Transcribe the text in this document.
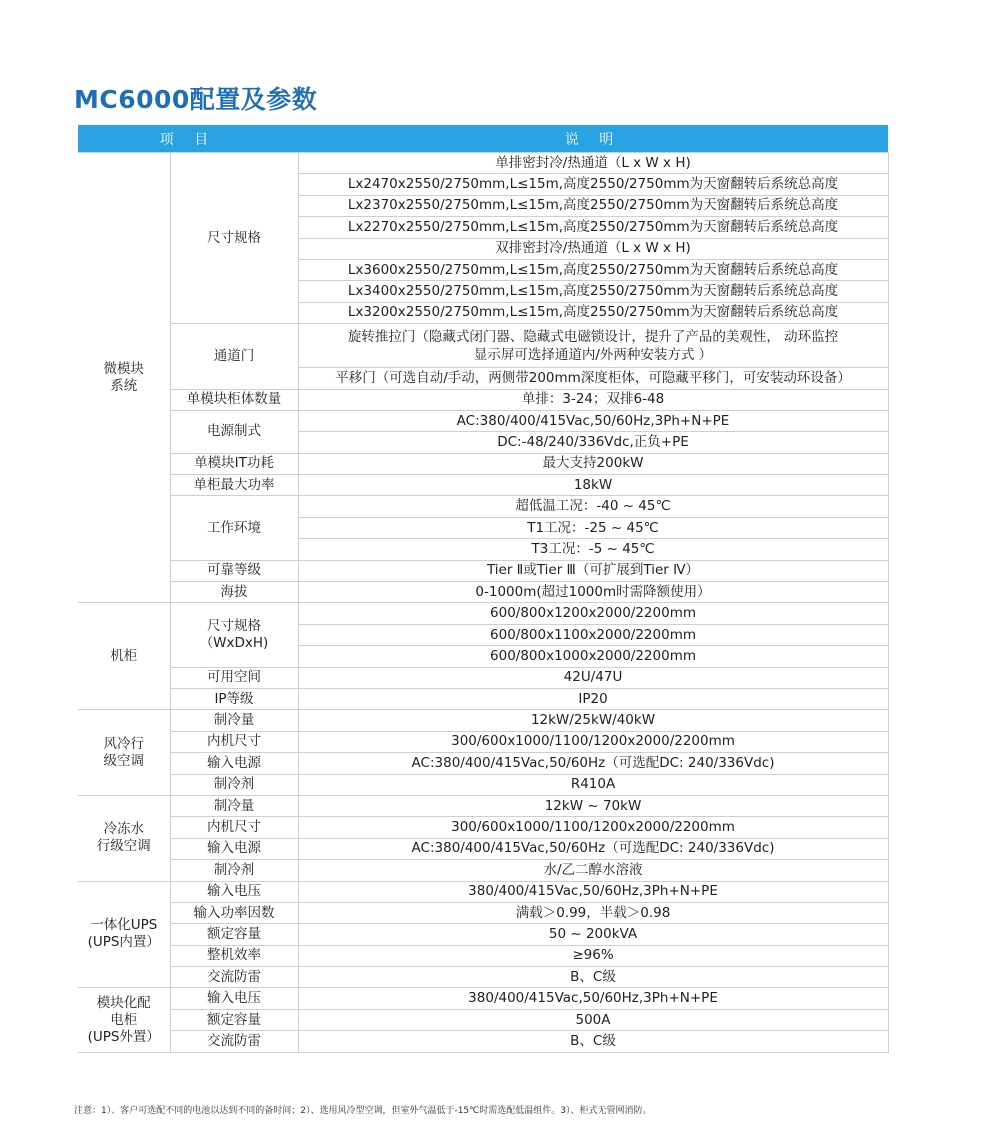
MC6000配置及参数
项 目		说 明

微模块
系统	尺寸规格	单排密封冷/热通道（L x W x H)
		Lx2470x2550/2750mm,L≤15m,高度2550/2750mm为天窗翻转后系统总高度
		Lx2370x2550/2750mm,L≤15m,高度2550/2750mm为天窗翻转后系统总高度
		Lx2270x2550/2750mm,L≤15m,高度2550/2750mm为天窗翻转后系统总高度
		双排密封冷/热通道（L x W x H)
		Lx3600x2550/2750mm,L≤15m,高度2550/2750mm为天窗翻转后系统总高度
		Lx3400x2550/2750mm,L≤15m,高度2550/2750mm为天窗翻转后系统总高度
		Lx3200x2550/2750mm,L≤15m,高度2550/2750mm为天窗翻转后系统总高度

	通道门	旋转推拉门（隐藏式闭门器、隐藏式电磁锁设计，提升了产品的美观性， 动环监控
显示屏可选择通道内/外两种安装方式 ）
		平移门（可选自动/手动，两侧带200mm深度柜体，可隐藏平移门，可安装动环设备）

	单模块柜体数量	单排：3-24；双排6-48

	电源制式	AC:380/400/415Vac,50/60Hz,3Ph+N+PE
		DC:-48/240/336Vdc,正负+PE

	单模块IT功耗	最大支持200kW

	单柜最大功率	18kW

	工作环境	超低温工况：-40 ~ 45℃
		T1工况：-25 ~ 45℃
		T3工况：-5 ~ 45℃

	可靠等级	Tier Ⅱ或Tier Ⅲ（可扩展到Tier Ⅳ）

	海拔	0-1000m(超过1000m时需降额使用）

机柜	尺寸规格
（WxDxH)	600/800x1200x2000/2200mm
		600/800x1100x2000/2200mm
		600/800x1000x2000/2200mm

	可用空间	42U/47U

	IP等级	IP20

风冷行
级空调	制冷量	12kW/25kW/40kW

	内机尺寸	300/600x1000/1100/1200x2000/2200mm

	输入电源	AC:380/400/415Vac,50/60Hz（可选配DC: 240/336Vdc)

	制冷剂	R410A

冷冻水
行级空调	制冷量	12kW ~ 70kW

	内机尺寸	300/600x1000/1100/1200x2000/2200mm

	输入电源	AC:380/400/415Vac,50/60Hz（可选配DC: 240/336Vdc)

	制冷剂	水/乙二醇水溶液

一体化UPS
(UPS内置）	输入电压	380/400/415Vac,50/60Hz,3Ph+N+PE

	输入功率因数	满载＞0.99，半载＞0.98

	额定容量	50 ~ 200kVA

	整机效率	≥96%

	交流防雷	B、C级

模块化配
电柜
(UPS外置）	输入电压	380/400/415Vac,50/60Hz,3Ph+N+PE

	额定容量	500A

	交流防雷	B、C级
注意：1）、客户可选配不同的电池以达到不同的备时间；2）、选用风冷型空调，但室外气温低于-15℃时需选配低温组件。3）、柜式无管网消防。
